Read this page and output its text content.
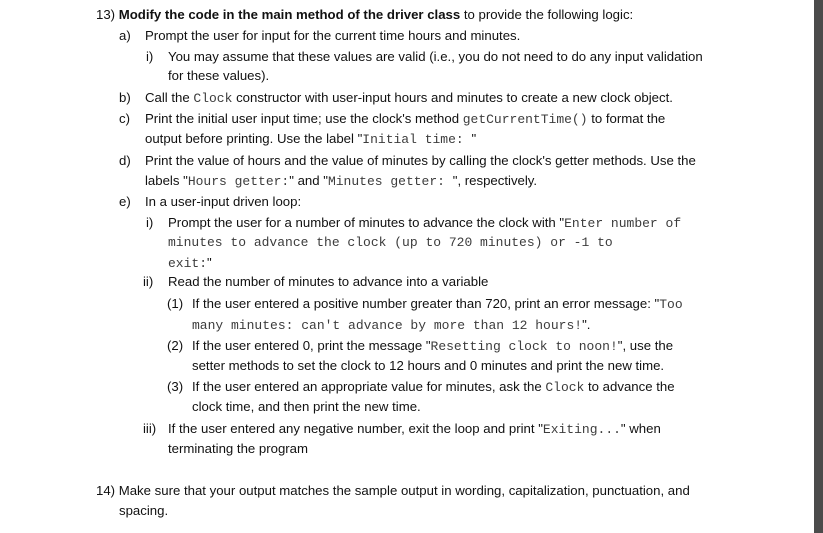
13) Modify the code in the main method of the driver class to provide the following logic:
a) Prompt the user for input for the current time hours and minutes.
i) You may assume that these values are valid (i.e., you do not need to do any input validation
for these values).
b) Call the Clock constructor with user-input hours and minutes to create a new clock object.
c) Print the initial user input time; use the clock's method getCurrentTime() to format the
output before printing. Use the label "Initial time: "
d) Print the value of hours and the value of minutes by calling the clock's getter methods. Use the
labels "Hours getter:" and "Minutes getter: ", respectively.
e) In a user-input driven loop:
i) Prompt the user for a number of minutes to advance the clock with "Enter number of
minutes to advance the clock (up to 720 minutes) or -1 to
exit:"
ii) Read the number of minutes to advance into a variable
(1) If the user entered a positive number greater than 720, print an error message: "Too
many minutes: can't advance by more than 12 hours!".
(2) If the user entered 0, print the message "Resetting clock to noon!", use the
setter methods to set the clock to 12 hours and 0 minutes and print the new time.
(3) If the user entered an appropriate value for minutes, ask the Clock to advance the
clock time, and then print the new time.
iii) If the user entered any negative number, exit the loop and print "Exiting..." when
terminating the program
14) Make sure that your output matches the sample output in wording, capitalization, punctuation, and
spacing.
